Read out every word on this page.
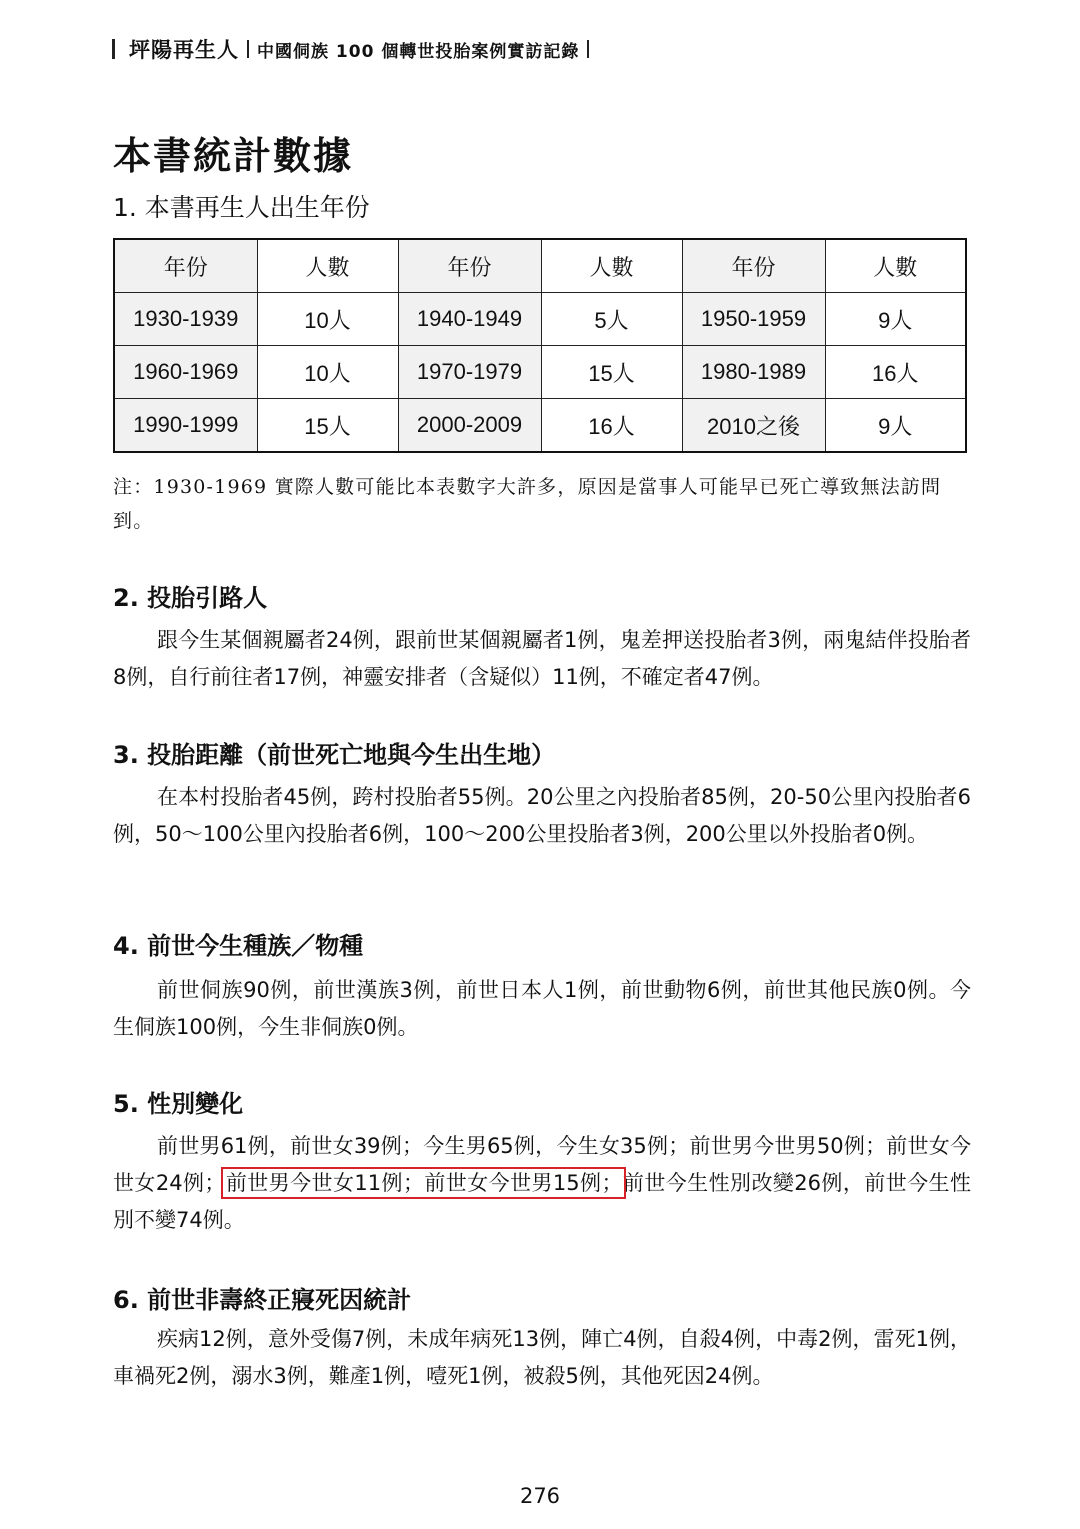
坪陽再生人 中國侗族 100 個轉世投胎案例實訪記錄
本書統計數據
1. 本書再生人出生年份
年份	人數	年份	人數	年份	人數
1930-1939	10人	1940-1949	5人	1950-1959	9人
1960-1969	10人	1970-1979	15人	1980-1989	16人
1990-1999	15人	2000-2009	16人	2010之後	9人

注：1930-1969 實際人數可能比本表數字大許多，原因是當事人可能早已死亡導致無法訪問到。

2. 投胎引路人

跟今生某個親屬者24例，跟前世某個親屬者1例，鬼差押送投胎者3例，兩鬼結伴投胎者8例，自行前往者17例，神靈安排者（含疑似）11例，不確定者47例。

3. 投胎距離（前世死亡地與今生出生地）

在本村投胎者45例，跨村投胎者55例。20公里之內投胎者85例，20-50公里內投胎者6例，50～100公里內投胎者6例，100～200公里投胎者3例，200公里以外投胎者0例。

4. 前世今生種族／物種

前世侗族90例，前世漢族3例，前世日本人1例，前世動物6例，前世其他民族0例。今生侗族100例，今生非侗族0例。

5. 性別變化

前世男61例，前世女39例；今生男65例，今生女35例；前世男今世男50例；前世女今世女24例；前世男今世女11例；前世女今世男15例；前世今生性別改變26例，前世今生性別不變74例。

6. 前世非壽終正寢死因統計

疾病12例，意外受傷7例，未成年病死13例，陣亡4例，自殺4例，中毒2例，雷死1例，車禍死2例，溺水3例，難產1例，噎死1例，被殺5例，其他死因24例。

276
